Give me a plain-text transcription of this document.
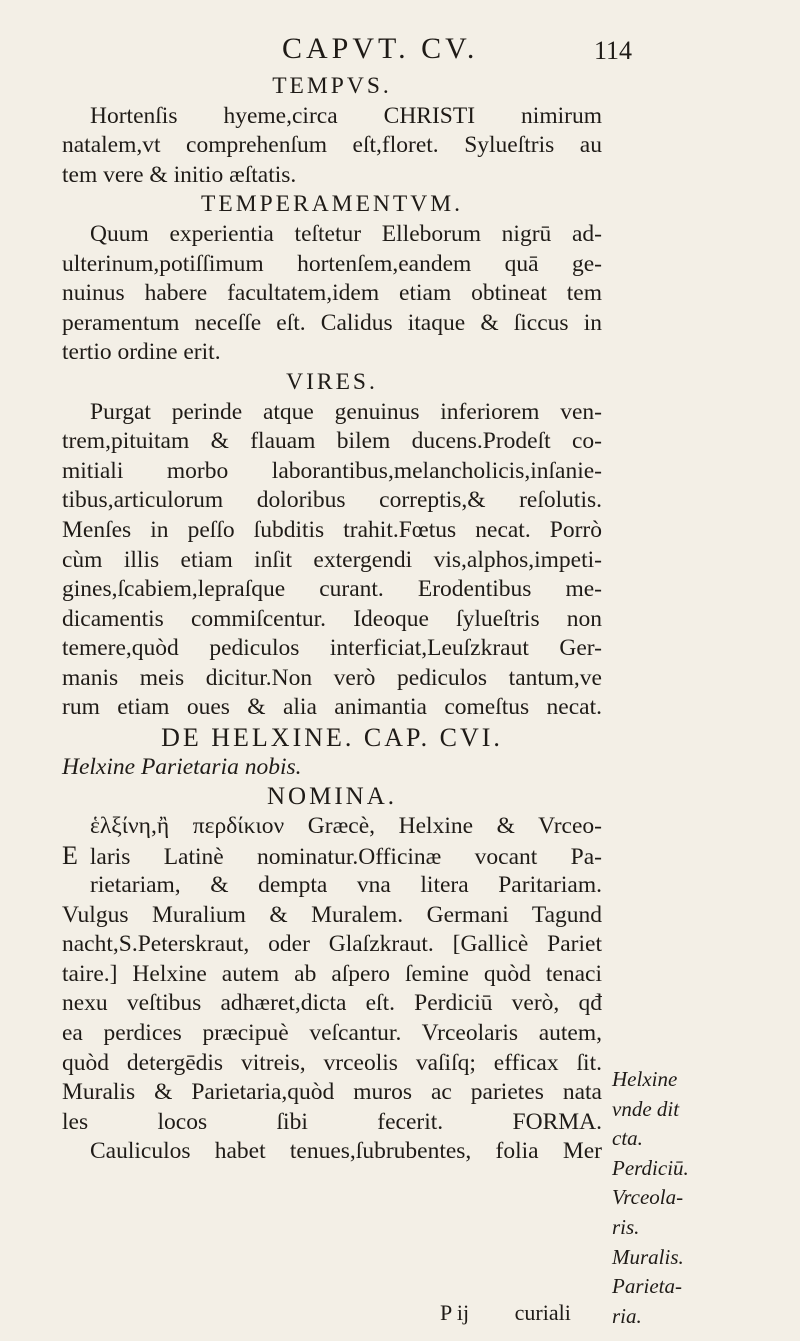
CAPVT. CV.	114
TEMPVS.
Hortenſis hyeme,circa CHRISTI nimirum
natalem,vt comprehenſum eſt,floret. Sylueſtris au
tem vere & initio æſtatis.
TEMPERAMENTVM.
Quum experientia teſtetur Elleborum nigrū ad-
ulterinum,potiſſimum hortenſem,eandem quā ge-
nuinus habere facultatem,idem etiam obtineat tem
peramentum neceſſe eſt. Calidus itaque & ſiccus in
tertio ordine erit.
VIRES.
Purgat perinde atque genuinus inferiorem ven-
trem,pituitam & flauam bilem ducens.Prodeſt co-
mitiali morbo laborantibus,melancholicis,inſanie-
tibus,articulorum doloribus correptis,& reſolutis.
Menſes in peſſo ſubditis trahit.Fœtus necat. Porrò
cùm illis etiam inſit extergendi vis,alphos,impeti-
gines,ſcabiem,lepraſque curant. Erodentibus me-
dicamentis commiſcentur. Ideoque ſylueſtris non
temere,quòd pediculos interficiat,Leuſzkraut Ger-
manis meis dicitur.Non verò pediculos tantum,ve
rum etiam oues & alia animantia comeſtus necat.
DE HELXINE. CAP. CVI.
Helxine Parietaria nobis.
NOMINA.
ἑλξίνη,ἢ περδίκιον Græcè, Helxine & Vrceo-
E laris Latinè nominatur.Officinæ vocant Pa-
rietariam, & dempta vna litera Paritariam.
Vulgus Muralium & Muralem. Germani Tagund
nacht,S.Peterskraut, oder Glaſzkraut. [Gallicè Pariet
taire.] Helxine autem ab aſpero ſemine quòd tenaci
nexu veſtibus adhæret,dicta eſt. Perdiciū verò, qđ
ea perdices præcipuè veſcantur. Vrceolaris autem,
quòd detergēdis vitreis, vrceolis vaſiſq; efficax ſit.
Muralis & Parietaria,quòd muros ac parietes nata
les locos ſibi fecerit. FORMA.
Cauliculos habet tenues,ſubrubentes, folia Mer
Helxine
vnde dit
cta.
Perdiciū.
Vrceola-
ris.
Muralis.
Parieta-
ria.
P ij curiali
